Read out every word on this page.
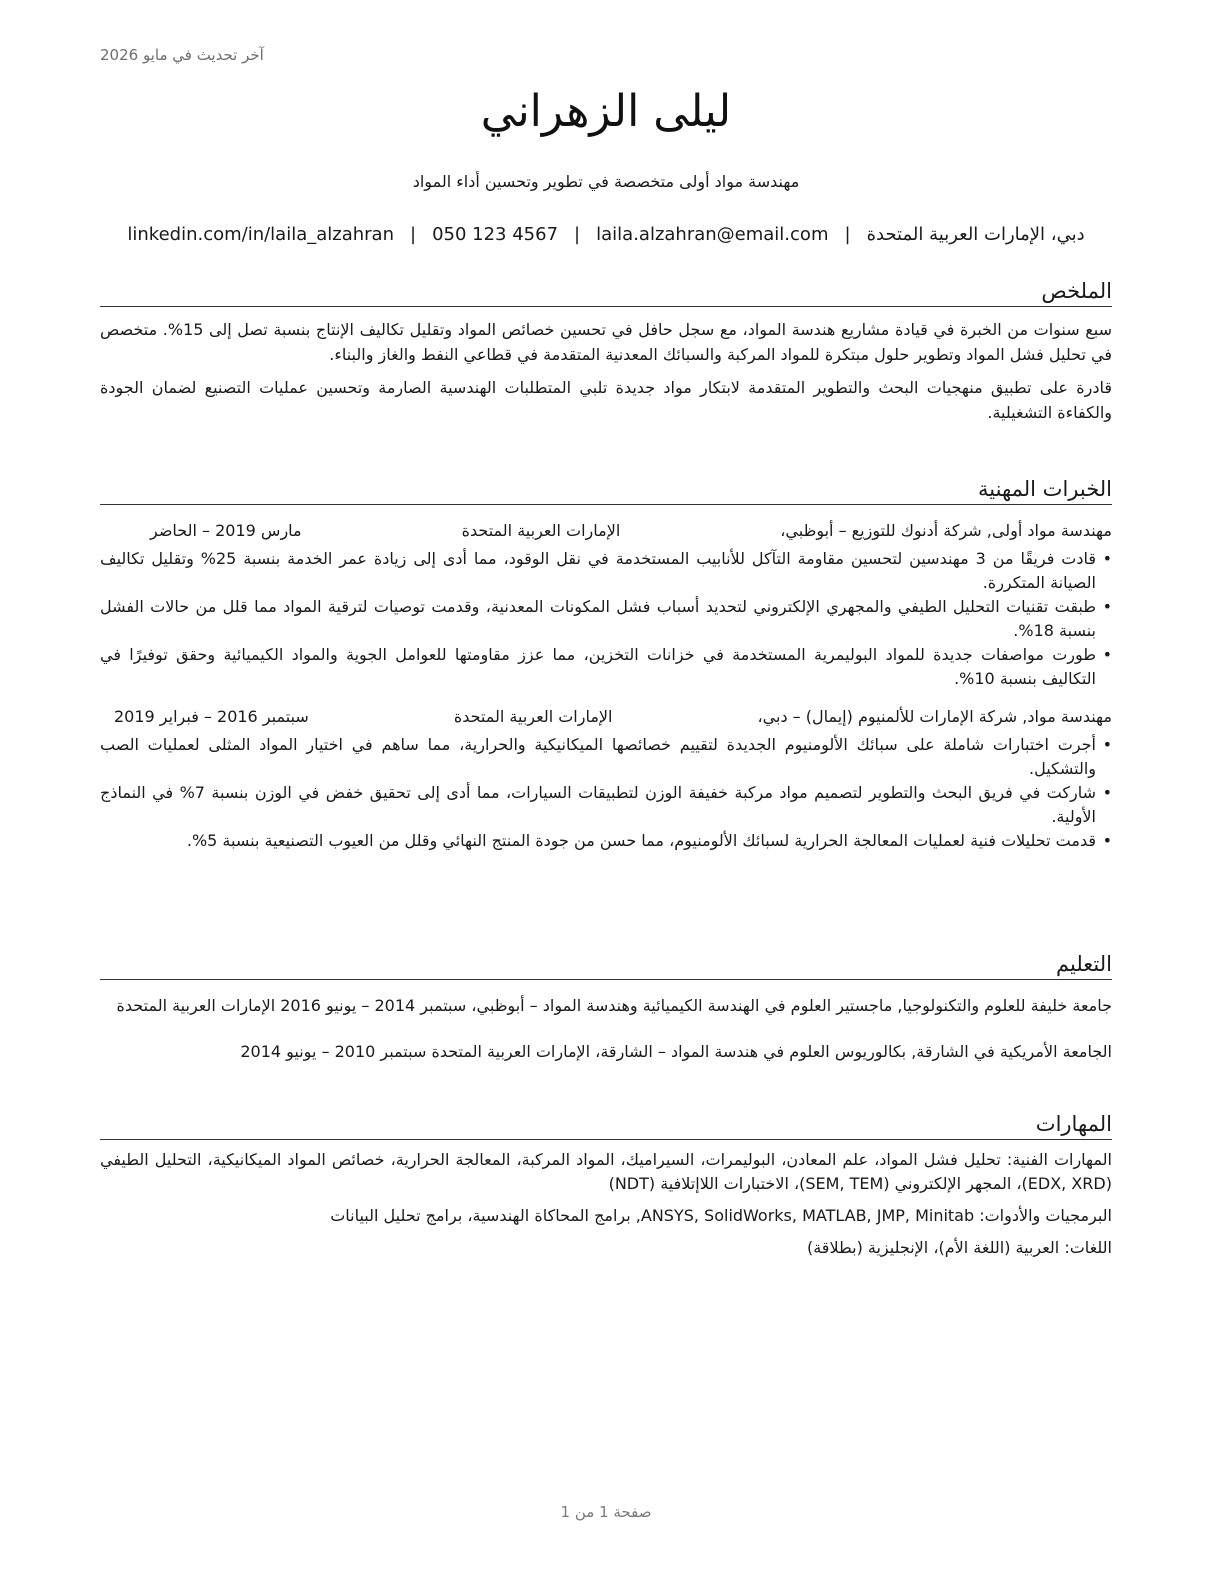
آخر تحديث في مايو 2026
ليلى الزهراني
مهندسة مواد أولى متخصصة في تطوير وتحسين أداء المواد
دبي، الإمارات العربية المتحدة|laila.alzahran@email.com|050 123 4567|linkedin.com/in/laila_alzahran
الملخص

سبع سنوات من الخبرة في قيادة مشاريع هندسة المواد، مع سجل حافل في تحسين خصائص المواد وتقليل تكاليف الإنتاج بنسبة تصل إلى 15%. متخصص في تحليل فشل المواد وتطوير حلول مبتكرة للمواد المركبة والسبائك المعدنية المتقدمة في قطاعي النفط والغاز والبناء.

قادرة على تطبيق منهجيات البحث والتطوير المتقدمة لابتكار مواد جديدة تلبي المتطلبات الهندسية الصارمة وتحسين عمليات التصنيع لضمان الجودة والكفاءة التشغيلية.

الخبرات المهنية
مهندسة مواد أولى, شركة أدنوك للتوزيع – أبوظبي،
الإمارات العربية المتحدة
مارس 2019 – الحاضر
• قادت فريقًا من 3 مهندسين لتحسين مقاومة التآكل للأنابيب المستخدمة في نقل الوقود، مما أدى إلى زيادة عمر الخدمة بنسبة 25% وتقليل تكاليف الصيانة المتكررة.
• طبقت تقنيات التحليل الطيفي والمجهري الإلكتروني لتحديد أسباب فشل المكونات المعدنية، وقدمت توصيات لترقية المواد مما قلل من حالات الفشل بنسبة 18%.
• طورت مواصفات جديدة للمواد البوليمرية المستخدمة في خزانات التخزين، مما عزز مقاومتها للعوامل الجوية والمواد الكيميائية وحقق توفيرًا في التكاليف بنسبة 10%.
مهندسة مواد, شركة الإمارات للألمنيوم (إيمال) – دبي،
الإمارات العربية المتحدة
سبتمبر 2016 – فبراير 2019
• أجرت اختبارات شاملة على سبائك الألومنيوم الجديدة لتقييم خصائصها الميكانيكية والحرارية، مما ساهم في اختيار المواد المثلى لعمليات الصب والتشكيل.
• شاركت في فريق البحث والتطوير لتصميم مواد مركبة خفيفة الوزن لتطبيقات السيارات، مما أدى إلى تحقيق خفض في الوزن بنسبة 7% في النماذج الأولية.
• قدمت تحليلات فنية لعمليات المعالجة الحرارية لسبائك الألومنيوم، مما حسن من جودة المنتج النهائي وقلل من العيوب التصنيعية بنسبة 5%.
التعليم
جامعة خليفة للعلوم والتكنولوجيا, ماجستير العلوم في الهندسة الكيميائية وهندسة المواد – أبوظبي، سبتمبر 2014 – يونيو 2016 الإمارات العربية المتحدة
الجامعة الأمريكية في الشارقة, بكالوريوس العلوم في هندسة المواد – الشارقة، الإمارات العربية المتحدة سبتمبر 2010 – يونيو 2014
المهارات
المهارات الفنية: تحليل فشل المواد، علم المعادن، البوليمرات، السيراميك، المواد المركبة، المعالجة الحرارية، خصائص المواد الميكانيكية، التحليل الطيفي (EDX, XRD)، المجهر الإلكتروني (SEM, TEM)، الاختبارات اللاإتلافية (NDT)
البرمجيات والأدوات: ANSYS, SolidWorks, MATLAB, JMP, Minitab, برامج المحاكاة الهندسية، برامج تحليل البيانات
اللغات: العربية (اللغة الأم)، الإنجليزية (بطلاقة)
صفحة 1 من 1
